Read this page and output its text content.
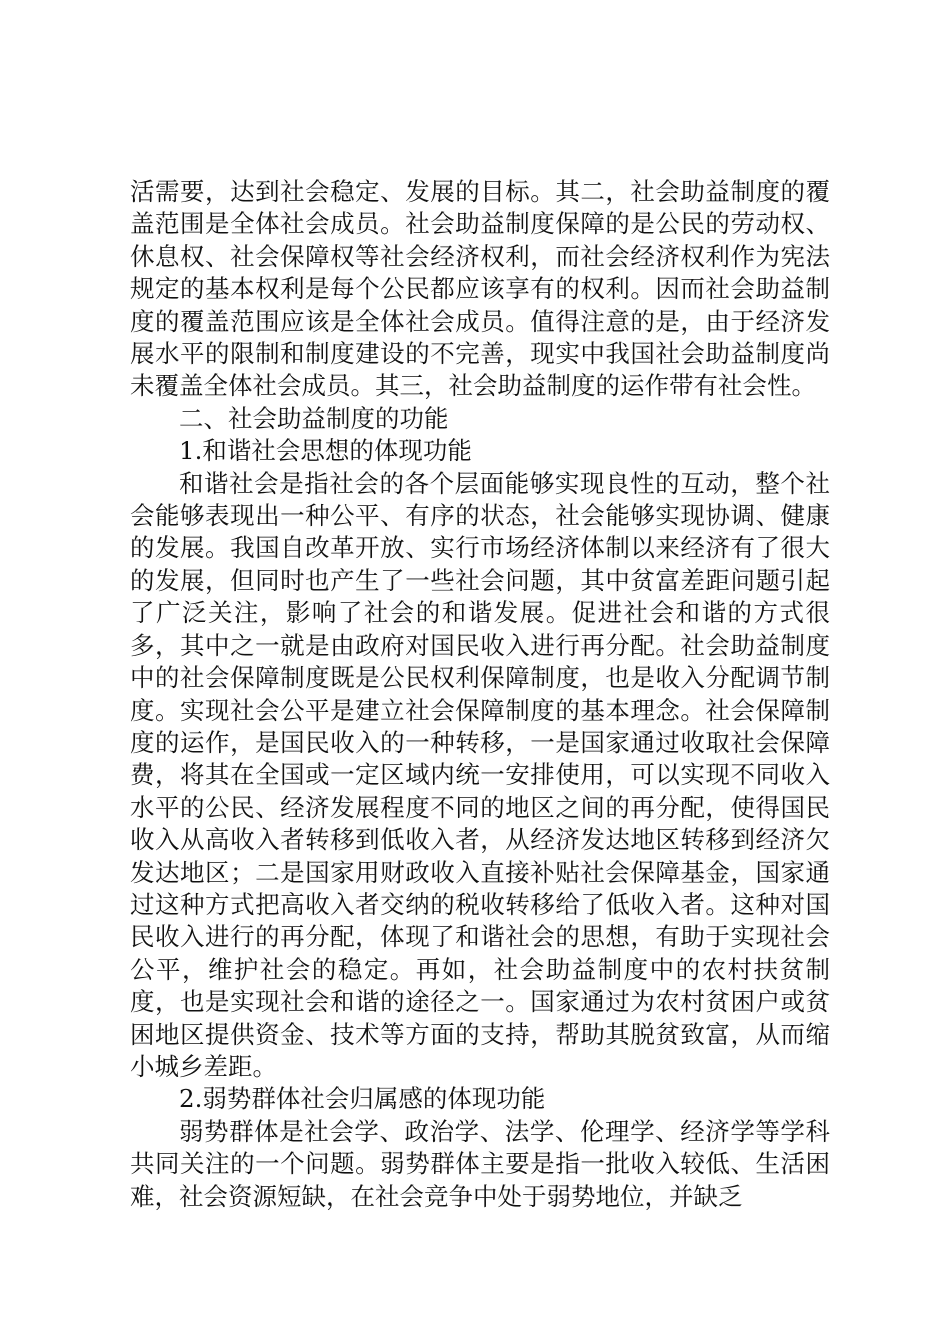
活需要，达到社会稳定、发展的目标。其二，社会助益制度的覆盖范围是全体社会成员。社会助益制度保障的是公民的劳动权、休息权、社会保障权等社会经济权利，而社会经济权利作为宪法规定的基本权利是每个公民都应该享有的权利。因而社会助益制度的覆盖范围应该是全体社会成员。值得注意的是，由于经济发展水平的限制和制度建设的不完善，现实中我国社会助益制度尚未覆盖全体社会成员。其三，社会助益制度的运作带有社会性。

二、社会助益制度的功能

1.和谐社会思想的体现功能

和谐社会是指社会的各个层面能够实现良性的互动，整个社会能够表现出一种公平、有序的状态，社会能够实现协调、健康的发展。我国自改革开放、实行市场经济体制以来经济有了很大的发展，但同时也产生了一些社会问题，其中贫富差距问题引起了广泛关注，影响了社会的和谐发展。促进社会和谐的方式很多，其中之一就是由政府对国民收入进行再分配。社会助益制度中的社会保障制度既是公民权利保障制度，也是收入分配调节制度。实现社会公平是建立社会保障制度的基本理念。社会保障制度的运作，是国民收入的一种转移，一是国家通过收取社会保障费，将其在全国或一定区域内统一安排使用，可以实现不同收入水平的公民、经济发展程度不同的地区之间的再分配，使得国民收入从高收入者转移到低收入者，从经济发达地区转移到经济欠发达地区；二是国家用财政收入直接补贴社会保障基金，国家通过这种方式把高收入者交纳的税收转移给了低收入者。这种对国民收入进行的再分配，体现了和谐社会的思想，有助于实现社会公平，维护社会的稳定。再如，社会助益制度中的农村扶贫制度，也是实现社会和谐的途径之一。国家通过为农村贫困户或贫困地区提供资金、技术等方面的支持，帮助其脱贫致富，从而缩小城乡差距。

2.弱势群体社会归属感的体现功能

弱势群体是社会学、政治学、法学、伦理学、经济学等学科共同关注的一个问题。弱势群体主要是指一批收入较低、生活困难，社会资源短缺，在社会竞争中处于弱势地位，并缺乏
